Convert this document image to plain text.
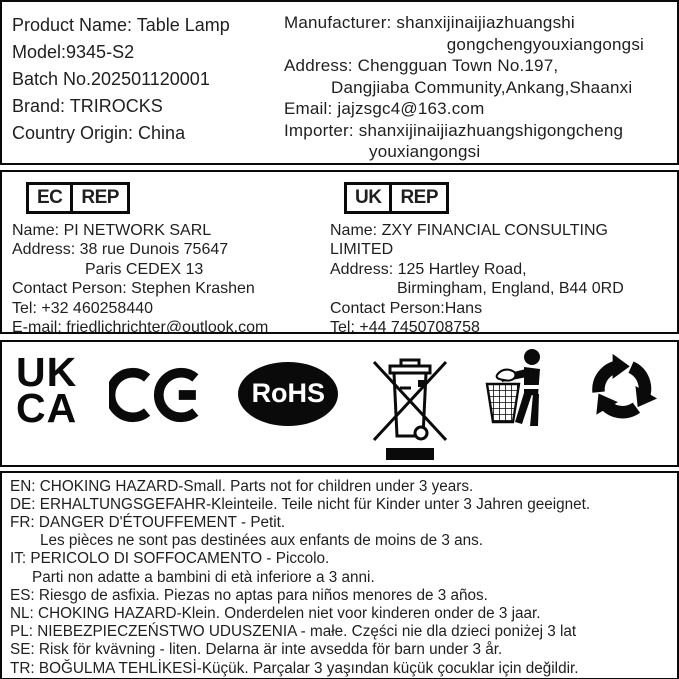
Product Name: Table Lamp
Model:9345-S2
Batch No.202501120001
Brand: TRIROCKS
Country Origin: China
Manufacturer: shanxijinaijiazhuangshi
gongchengyouxiangongsi
Address: Chengguan Town No.197,
Dangjiaba Community,Ankang,Shaanxi
Email: jajzsgc4@163.com
Importer: shanxijinaijiazhuangshigongcheng
youxiangongsi
EC	REP
Name: PI NETWORK SARL
Address: 38 rue Dunois 75647
Paris CEDEX 13
Contact Person: Stephen Krashen
Tel: +32 460258440
E-mail: friedlichrichter@outlook.com
UK	REP
Name: ZXY FINANCIAL CONSULTING LIMITED
Address: 125 Hartley Road,
Birmingham, England, B44 0RD
Contact Person:Hans
Tel: +44 7450708758
UK
CA	RoHS
EN: CHOKING HAZARD-Small. Parts not for children under 3 years.
DE: ERHALTUNGSGEFAHR-Kleinteile. Teile nicht für Kinder unter 3 Jahren geeignet.
FR: DANGER D'ÉTOUFFEMENT - Petit.
Les pièces ne sont pas destinées aux enfants de moins de 3 ans.
IT: PERICOLO DI SOFFOCAMENTO - Piccolo.
Parti non adatte a bambini di età inferiore a 3 anni.
ES: Riesgo de asfixia. Piezas no aptas para niños menores de 3 años.
NL: CHOKING HAZARD-Klein. Onderdelen niet voor kinderen onder de 3 jaar.
PL: NIEBEZPIECZEŃSTWO UDUSZENIA - małe. Części nie dla dzieci poniżej 3 lat
SE: Risk för kvävning - liten. Delarna är inte avsedda för barn under 3 år.
TR: BOĞULMA TEHLİKESİ-Küçük. Parçalar 3 yaşından küçük çocuklar için değildir.
